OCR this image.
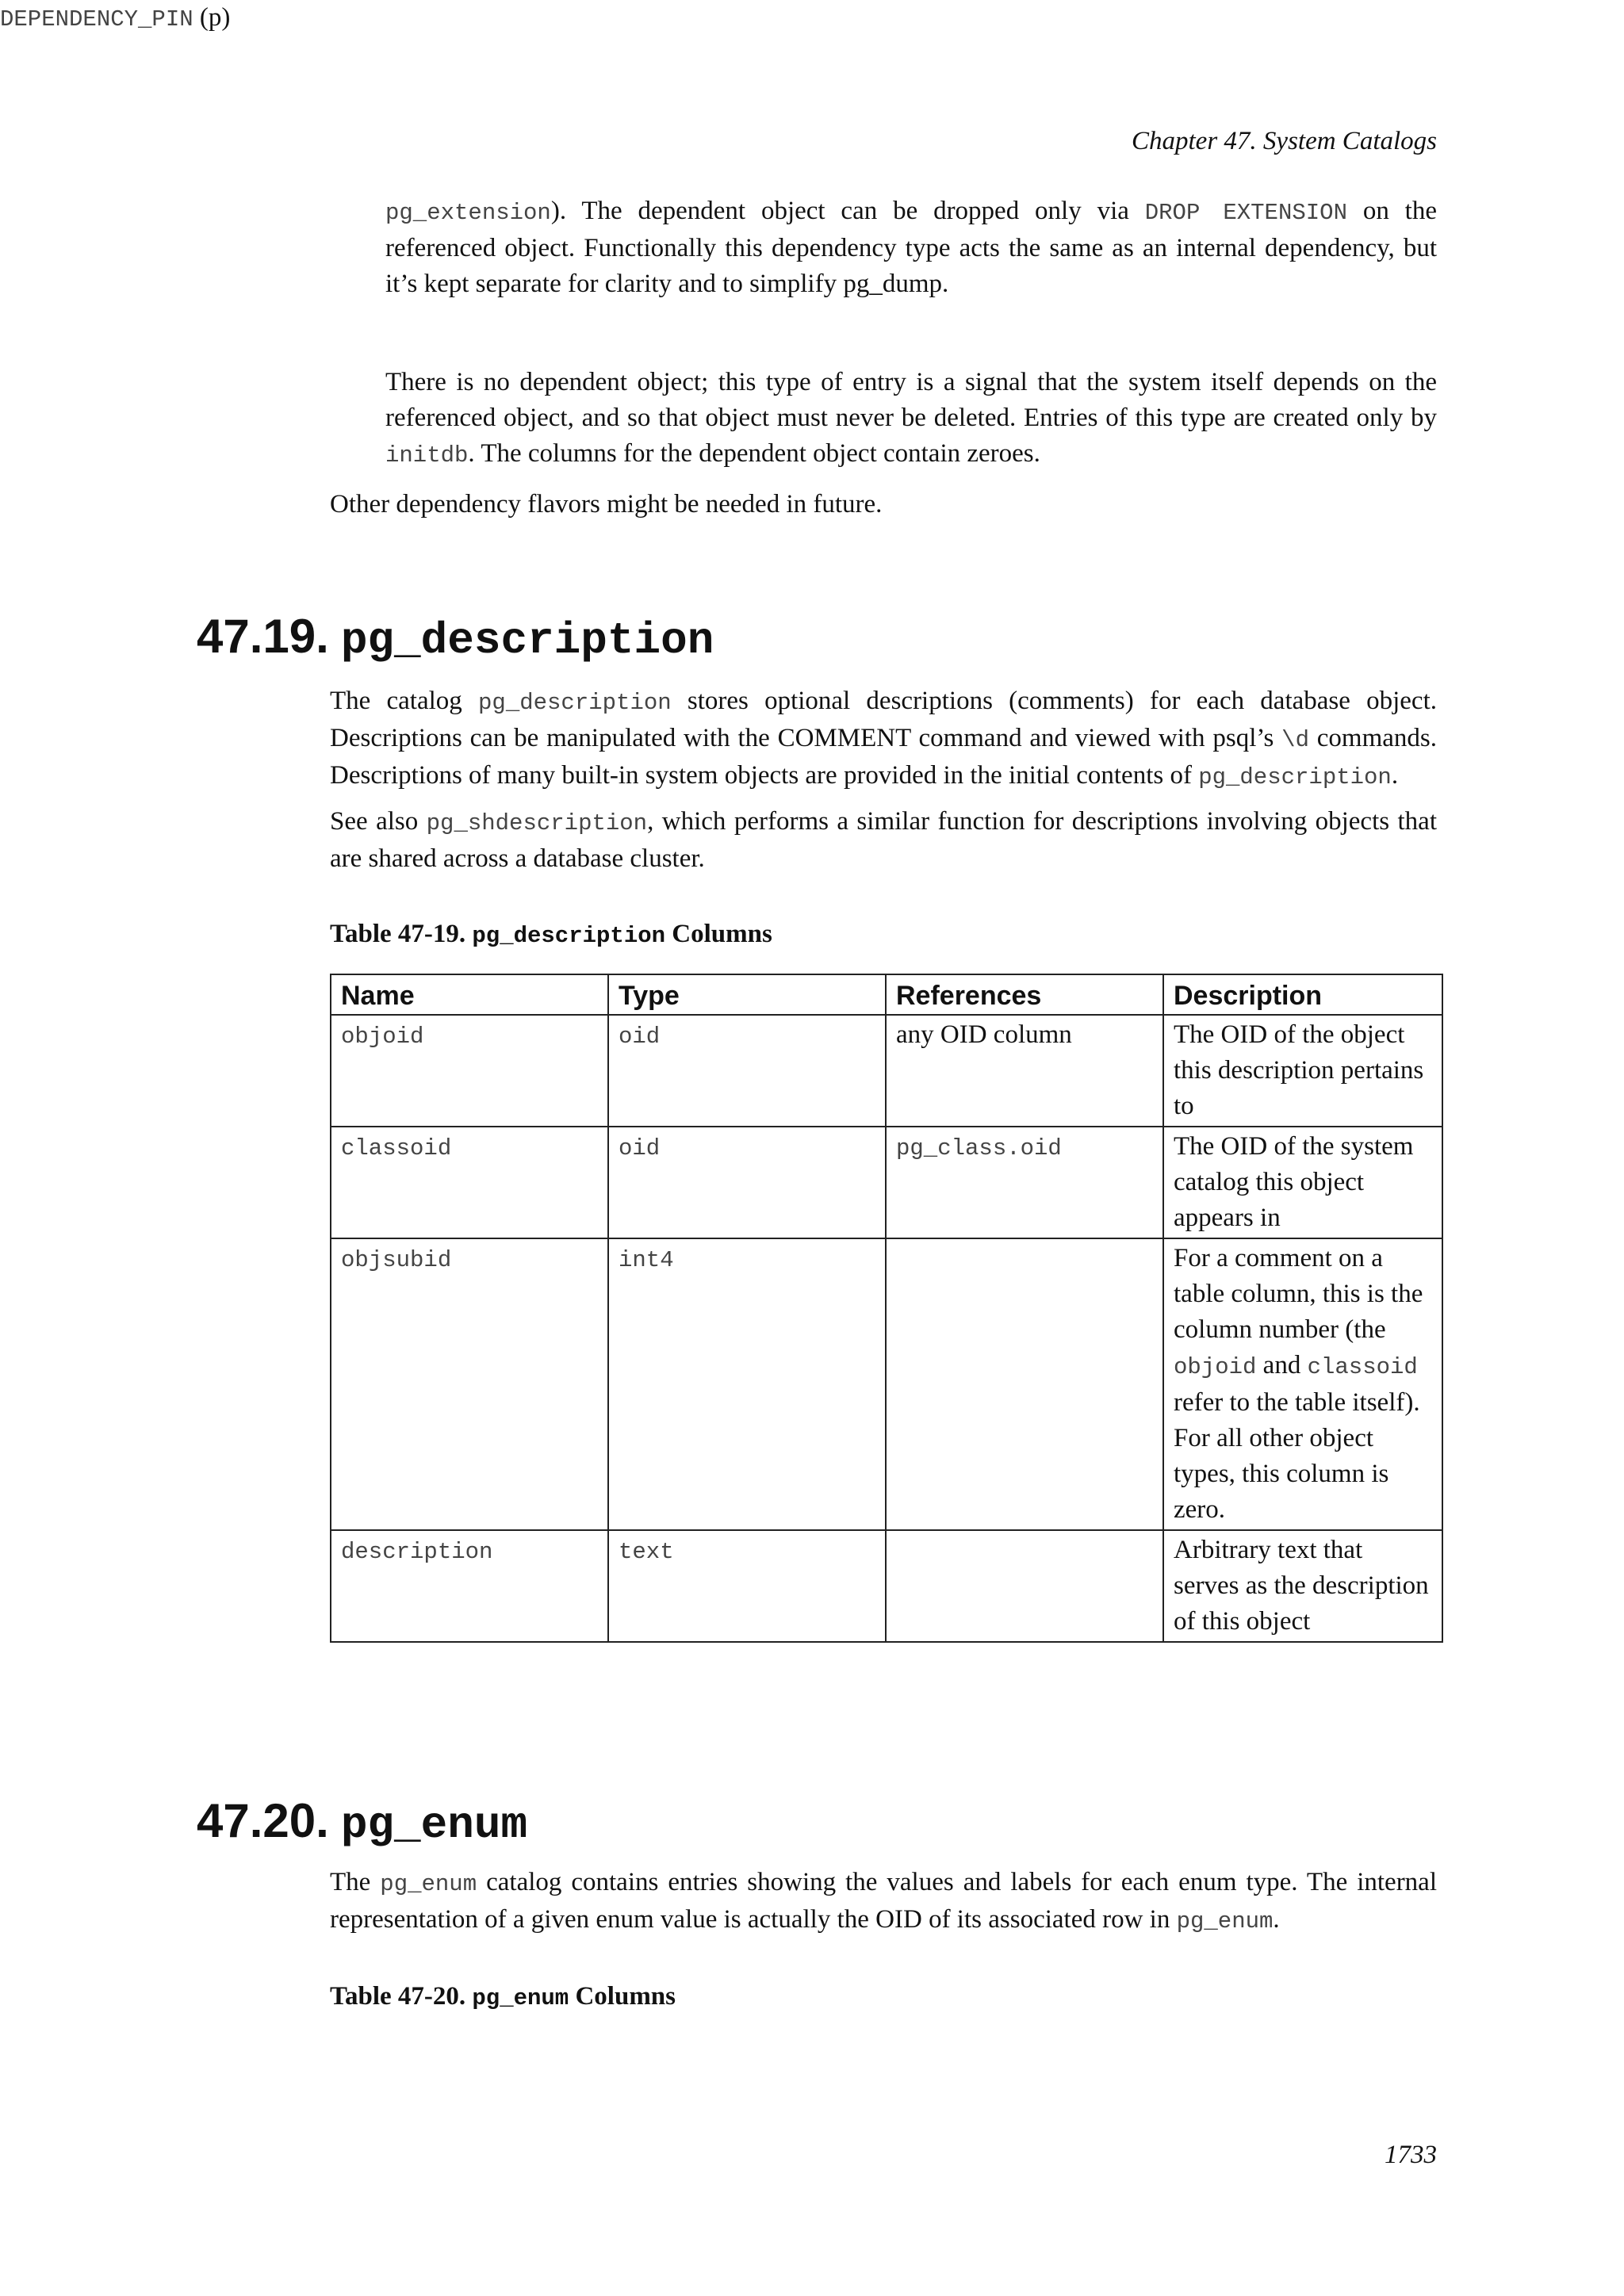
Chapter 47. System Catalogs
pg_extension). The dependent object can be dropped only via DROP EXTENSION on the referenced object. Functionally this dependency type acts the same as an internal dependency, but it’s kept separate for clarity and to simplify pg_dump.
DEPENDENCY_PIN (p)
There is no dependent object; this type of entry is a signal that the system itself depends on the referenced object, and so that object must never be deleted. Entries of this type are created only by initdb. The columns for the dependent object contain zeroes.
Other dependency flavors might be needed in future.
47.19. pg_description
The catalog pg_description stores optional descriptions (comments) for each database object. Descriptions can be manipulated with the COMMENT command and viewed with psql’s \d commands. Descriptions of many built-in system objects are provided in the initial contents of pg_description.
See also pg_shdescription, which performs a similar function for descriptions involving objects that are shared across a database cluster.
Table 47-19. pg_description Columns
Name	Type	References	Description
objoid	oid	any OID column	The OID of the object this description pertains to
classoid	oid	pg_class.oid	The OID of the system catalog this object appears in
objsubid	int4		For a comment on a table column, this is the column number (the objoid and classoid refer to the table itself). For all other object types, this column is zero.
description	text		Arbitrary text that serves as the description of this object
47.20. pg_enum
The pg_enum catalog contains entries showing the values and labels for each enum type. The internal representation of a given enum value is actually the OID of its associated row in pg_enum.
Table 47-20. pg_enum Columns
1733
